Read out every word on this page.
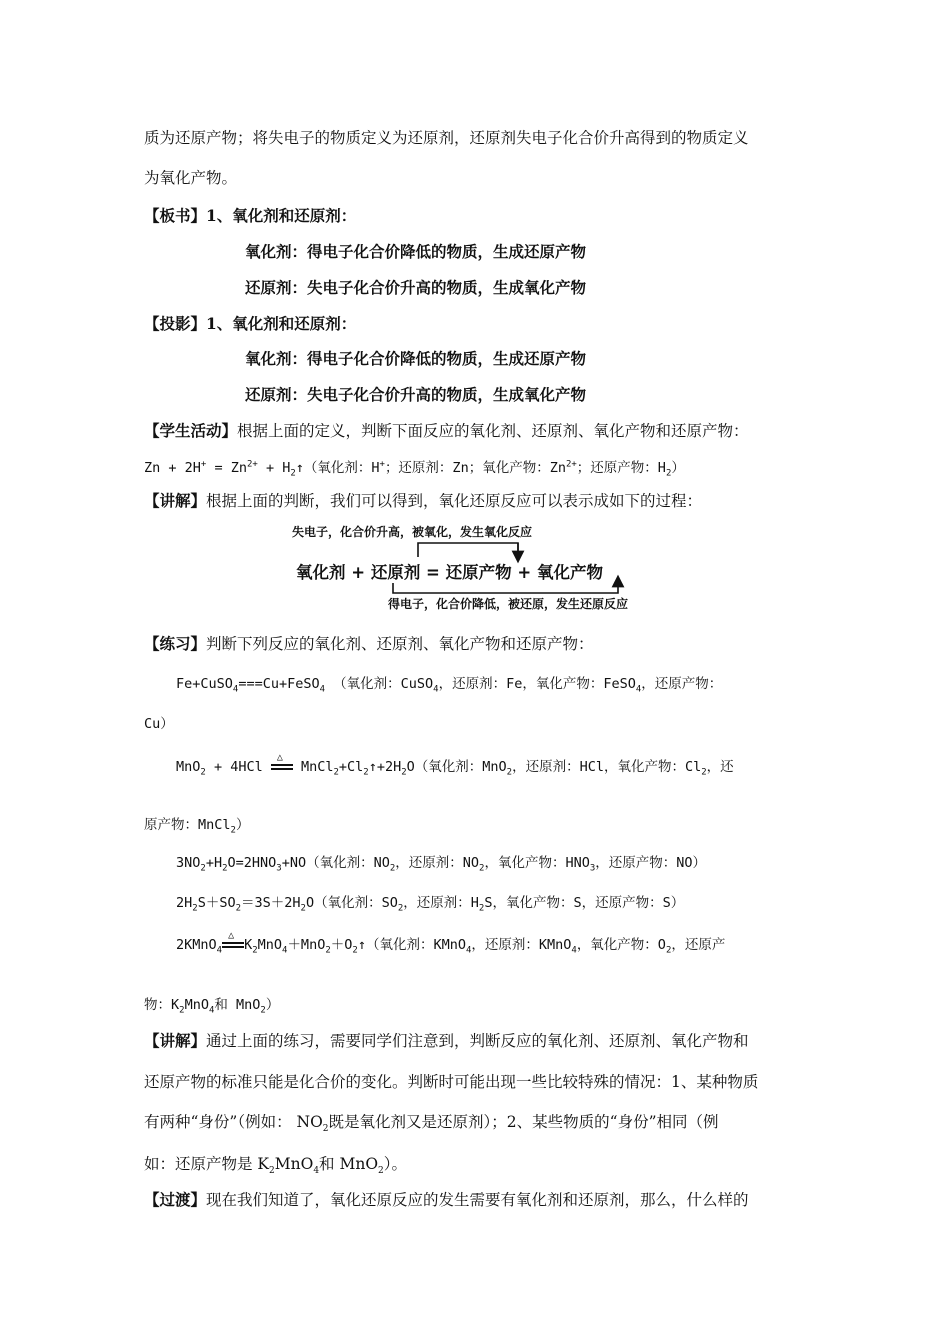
质为还原产物；将失电子的物质定义为还原剂，还原剂失电子化合价升高得到的物质定义
为氧化产物。
【板书】1、氧化剂和还原剂：
氧化剂：得电子化合价降低的物质，生成还原产物
还原剂：失电子化合价升高的物质，生成氧化产物
【投影】1、氧化剂和还原剂：
氧化剂：得电子化合价降低的物质，生成还原产物
还原剂：失电子化合价升高的物质，生成氧化产物
【学生活动】根据上面的定义，判断下面反应的氧化剂、还原剂、氧化产物和还原产物：
$Zn + 2H^+ = Zn^{2+}$ + $H_2↑$（氧化剂：H+；还原剂：Zn；氧化产物：$Zn^{2+}$；还原产物：$H_2$）
【讲解】根据上面的判断，我们可以得到，氧化还原反应可以表示成如下的过程：
失电子，化合价升高，被氧化，发生氧化反应
氧化剂 + 还原剂 = 还原产物 + 氧化产物
得电子，化合价降低，被还原，发生还原反应
【练习】判断下列反应的氧化剂、还原剂、氧化产物和还原产物：
Fe+CuSO$_4$===Cu+FeSO$_4$ （氧化剂：CuSO$_4$，还原剂：Fe，氧化产物：FeSO$_4$，还原产物：
Cu）
MnO$_2$ + 4HCl
△
$MnCl_2+Cl_2↑+2H_2O$（氧化剂：MnO$_2$，还原剂：HCl，氧化产物：$Cl_2$，还
原产物：MnCl$_2$）
$3NO_2+H_2O=2HNO_3+NO$（氧化剂：$NO_2$，还原剂：$NO_2$，氧化产物：$HNO_3$，还原产物：NO）
$2H_2S+SO_2=3S+2H_2O$（氧化剂：$SO_2$，还原剂：$H_2S$，氧化产物：S，还原产物：S）
2KMnO$_4$
△
$K_2MnO_4+MnO_2+O_2↑$（氧化剂：KMnO$_4$，还原剂：KMnO$_4$，氧化产物：$O_2$，还原产
物：$K_2MnO_4$和 MnO$_2$）
【讲解】通过上面的练习，需要同学们注意到，判断反应的氧化剂、还原剂、氧化产物和
还原产物的标准只能是化合价的变化。判断时可能出现一些比较特殊的情况：1、某种物质
有两种“身份”（例如： $NO_2$既是氧化剂又是还原剂）；2、某些物质的“身份”相同（例
如：还原产物是 $K_2MnO_4$和 MnO$_2$）。
【过渡】现在我们知道了，氧化还原反应的发生需要有氧化剂和还原剂，那么，什么样的
